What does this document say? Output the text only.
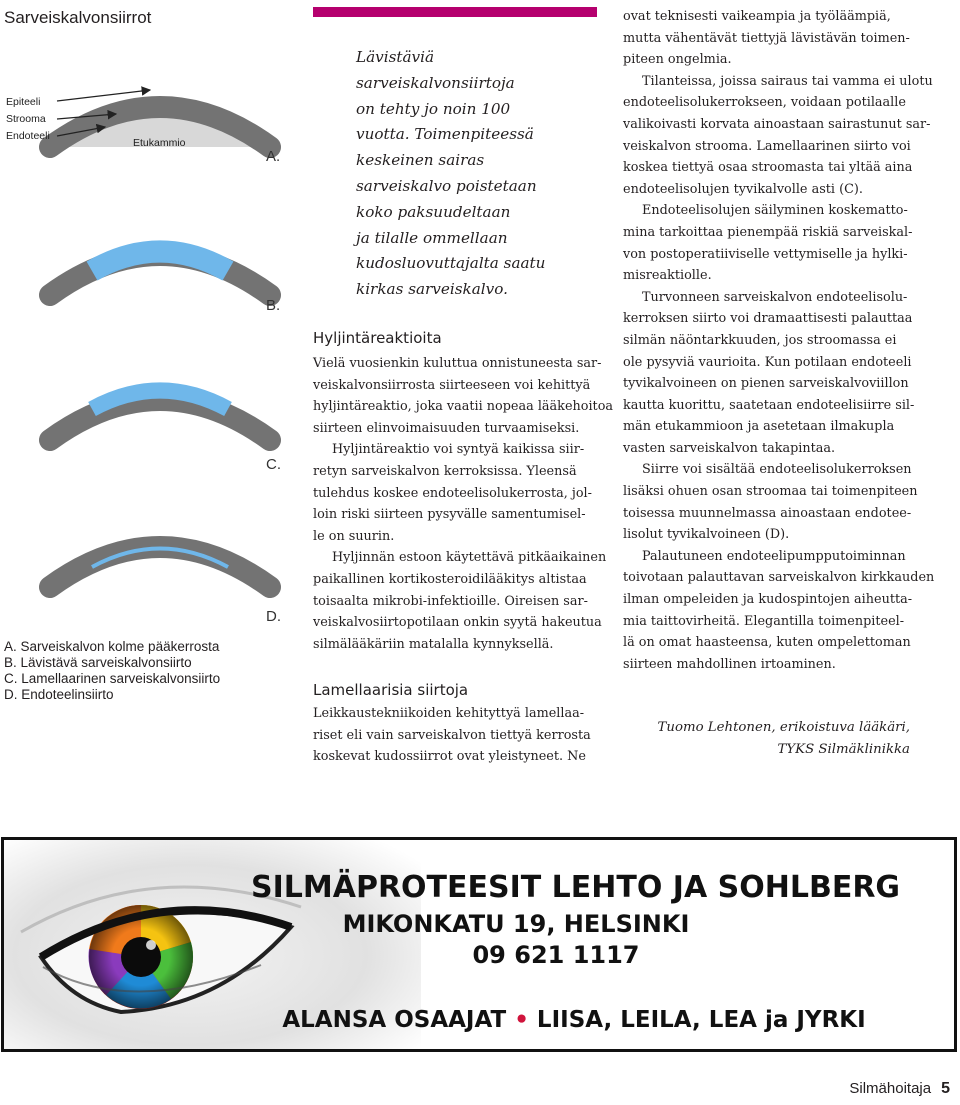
Sarveiskalvonsiirrot
Epiteeli
Strooma
Endoteeli
Etukammio
A.
B.
C.
D.
A. Sarveiskalvon kolme pääkerrosta
B. Lävistävä sarveiskalvonsiirto
C. Lamellaarinen sarveiskalvonsiirto
D. Endoteelinsiirto
Lävistäviä
sarveiskalvonsiirtoja
on tehty jo noin 100
vuotta. Toimenpiteessä
keskeinen sairas
sarveiskalvo poistetaan
koko paksuudeltaan
ja tilalle ommellaan
kudosluovuttajalta saatu
kirkas sarveiskalvo.
Hyljintäreaktioita

Vielä vuosienkin kuluttua onnistuneesta sar-

veiskalvonsiirrosta siirteeseen voi kehittyä

hyljintäreaktio, joka vaatii nopeaa lääkehoitoa

siirteen elinvoimaisuuden turvaamiseksi.

Hyljintäreaktio voi syntyä kaikissa siir-

retyn sarveiskalvon kerroksissa. Yleensä

tulehdus koskee endoteelisolukerrosta, jol-

loin riski siirteen pysyvälle samentumisel-

le on suurin.

Hyljinnän estoon käytettävä pitkäaikainen

paikallinen kortikosteroidilääkitys altistaa

toisaalta mikrobi-infektioille. Oireisen sar-

veiskalvosiirtopotilaan onkin syytä hakeutua

silmälääkäriin matalalla kynnyksellä.

Lamellaarisia siirtoja

Leikkaustekniikoiden kehityttyä lamellaa-

riset eli vain sarveiskalvon tiettyä kerrosta

koskevat kudossiirrot ovat yleistyneet. Ne

ovat teknisesti vaikeampia ja työläämpiä,

mutta vähentävät tiettyjä lävistävän toimen-

piteen ongelmia.

Tilanteissa, joissa sairaus tai vamma ei ulotu

endoteelisolukerrokseen, voidaan potilaalle

valikoivasti korvata ainoastaan sairastunut sar-

veiskalvon strooma. Lamellaarinen siirto voi

koskea tiettyä osaa stroomasta tai yltää aina

endoteelisolujen tyvikalvolle asti (C).

Endoteelisolujen säilyminen koskematto-

mina tarkoittaa pienempää riskiä sarveiskal-

von postoperatiiviselle vettymiselle ja hylki-

misreaktiolle.

Turvonneen sarveiskalvon endoteelisolu-

kerroksen siirto voi dramaattisesti palauttaa

silmän näöntarkkuuden, jos stroomassa ei

ole pysyviä vaurioita. Kun potilaan endoteeli

tyvikalvoineen on pienen sarveiskalvoviillon

kautta kuorittu, saatetaan endoteelisiirre sil-

män etukammioon ja asetetaan ilmakupla

vasten sarveiskalvon takapintaa.

Siirre voi sisältää endoteelisolukerroksen

lisäksi ohuen osan stroomaa tai toimenpiteen

toisessa muunnelmassa ainoastaan endotee-

lisolut tyvikalvoineen (D).

Palautuneen endoteelipumpputoiminnan

toivotaan palauttavan sarveiskalvon kirkkauden

ilman ompeleiden ja kudospintojen aiheutta-

mia taittovirheitä. Elegantilla toimenpiteel-

lä on omat haasteensa, kuten ompelettoman

siirteen mahdollinen irtoaminen.

Tuomo Lehtonen, erikoistuva lääkäri,
TYKS Silmäklinikka
SILMÄPROTEESIT LEHTO JA SOHLBERG
MIKONKATU 19, HELSINKI
09 621 1117
ALANSA OSAAJAT • LIISA, LEILA, LEA ja JYRKI
Silmähoitaja 5
